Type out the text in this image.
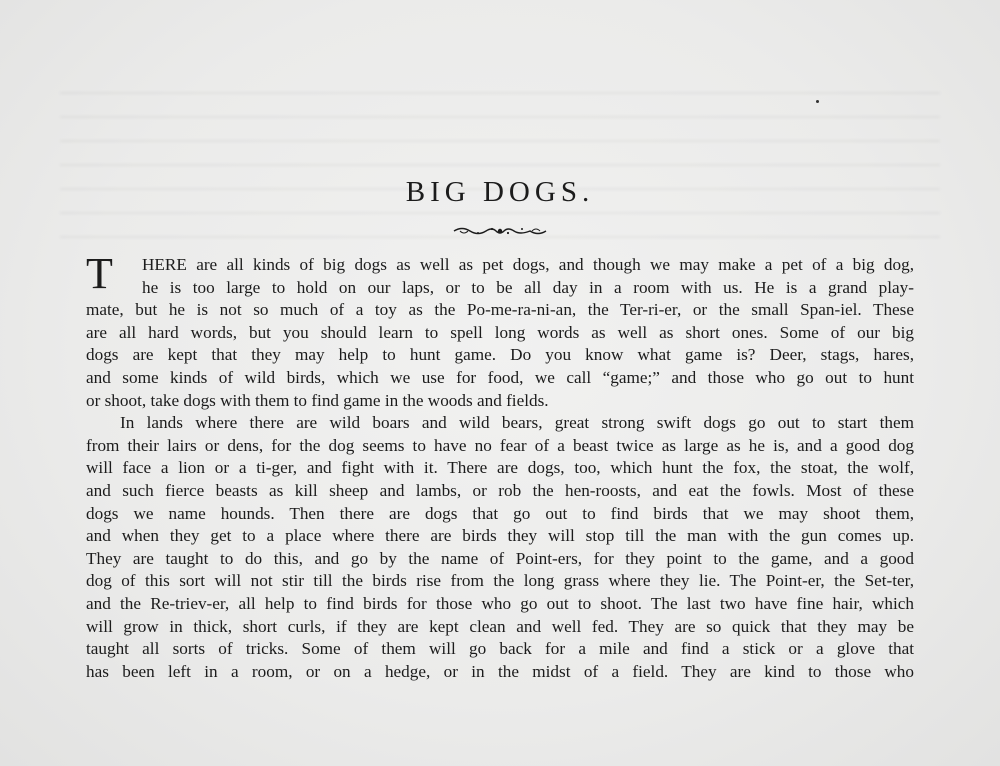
BIG DOGS.
T	HERE are all kinds of big dogs as well as pet dogs, and though we may make a pet of a big dog,
he is too large to hold on our laps, or to be all day in a room with us. He is a grand play-
mate, but he is not so much of a toy as the Po-me-ra-ni-an, the Ter-ri-er, or the small Span-iel. These
are all hard words, but you should learn to spell long words as well as short ones. Some of our big
dogs are kept that they may help to hunt game. Do you know what game is? Deer, stags, hares,
and some kinds of wild birds, which we use for food, we call “game;” and those who go out to hunt
or shoot, take dogs with them to find game in the woods and fields.
In lands where there are wild boars and wild bears, great strong swift dogs go out to start them
from their lairs or dens, for the dog seems to have no fear of a beast twice as large as he is, and a good dog
will face a lion or a ti-ger, and fight with it. There are dogs, too, which hunt the fox, the stoat, the wolf,
and such fierce beasts as kill sheep and lambs, or rob the hen-roosts, and eat the fowls. Most of these
dogs we name hounds. Then there are dogs that go out to find birds that we may shoot them,
and when they get to a place where there are birds they will stop till the man with the gun comes up.
They are taught to do this, and go by the name of Point-ers, for they point to the game, and a good
dog of this sort will not stir till the birds rise from the long grass where they lie. The Point-er, the Set-ter,
and the Re-triev-er, all help to find birds for those who go out to shoot. The last two have fine hair, which
will grow in thick, short curls, if they are kept clean and well fed. They are so quick that they may be
taught all sorts of tricks. Some of them will go back for a mile and find a stick or a glove that
has been left in a room, or on a hedge, or in the midst of a field. They are kind to those who
